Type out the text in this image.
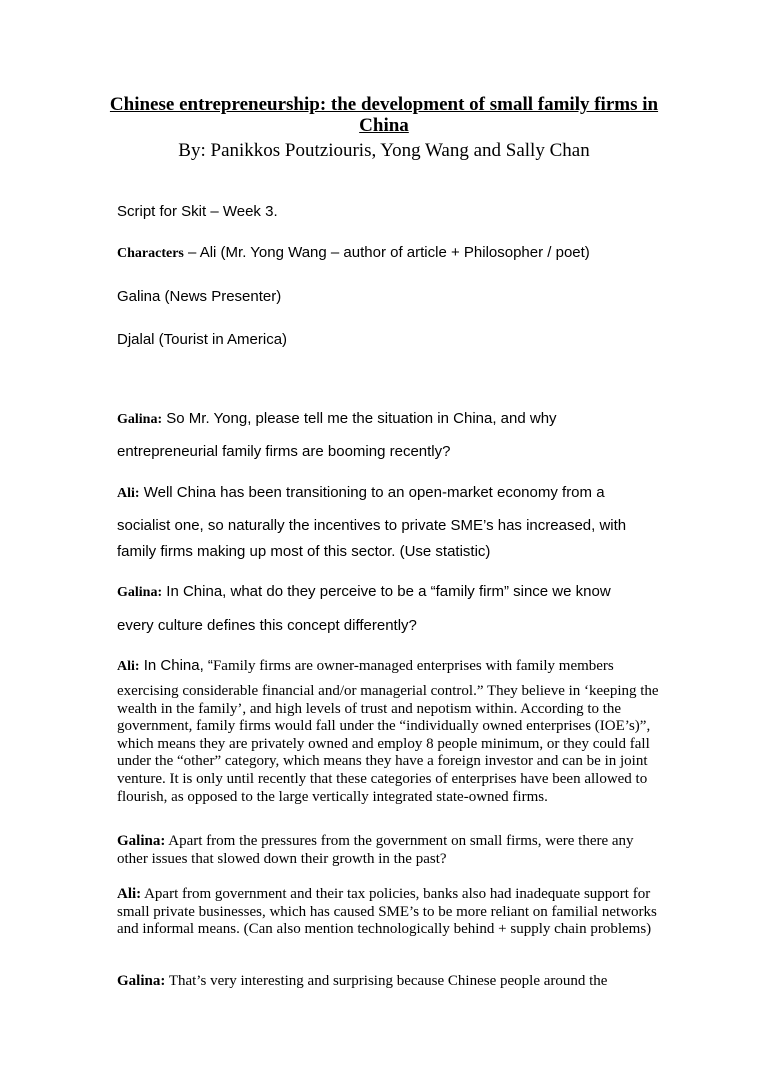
Chinese entrepreneurship: the development of small family firms in
China
By: Panikkos Poutziouris, Yong Wang and Sally Chan
Script for Skit – Week 3.
Characters – Ali (Mr. Yong Wang – author of article + Philosopher / poet)
Galina (News Presenter)
Djalal (Tourist in America)
Galina: So Mr. Yong, please tell me the situation in China, and why
entrepreneurial family firms are booming recently?
Ali: Well China has been transitioning to an open-market economy from a
socialist one, so naturally the incentives to private SME’s has increased, with
family firms making up most of this sector. (Use statistic)
Galina: In China, what do they perceive to be a “family firm” since we know
every culture defines this concept differently?
Ali: In China, “Family firms are owner-managed enterprises with family members
exercising considerable financial and/or managerial control.” They believe in ‘keeping the wealth in the family’, and high levels of trust and nepotism within. According to the government, family firms would fall under the “individually owned enterprises (IOE’s)”, which means they are privately owned and employ 8 people minimum, or they could fall under the “other” category, which means they have a foreign investor and can be in joint venture. It is only until recently that these categories of enterprises have been allowed to flourish, as opposed to the large vertically integrated state-owned firms.
Galina: Apart from the pressures from the government on small firms, were there any other issues that slowed down their growth in the past?
Ali: Apart from government and their tax policies, banks also had inadequate support for small private businesses, which has caused SME’s to be more reliant on familial networks and informal means. (Can also mention technologically behind + supply chain problems)
Galina: That’s very interesting and surprising because Chinese people around the
